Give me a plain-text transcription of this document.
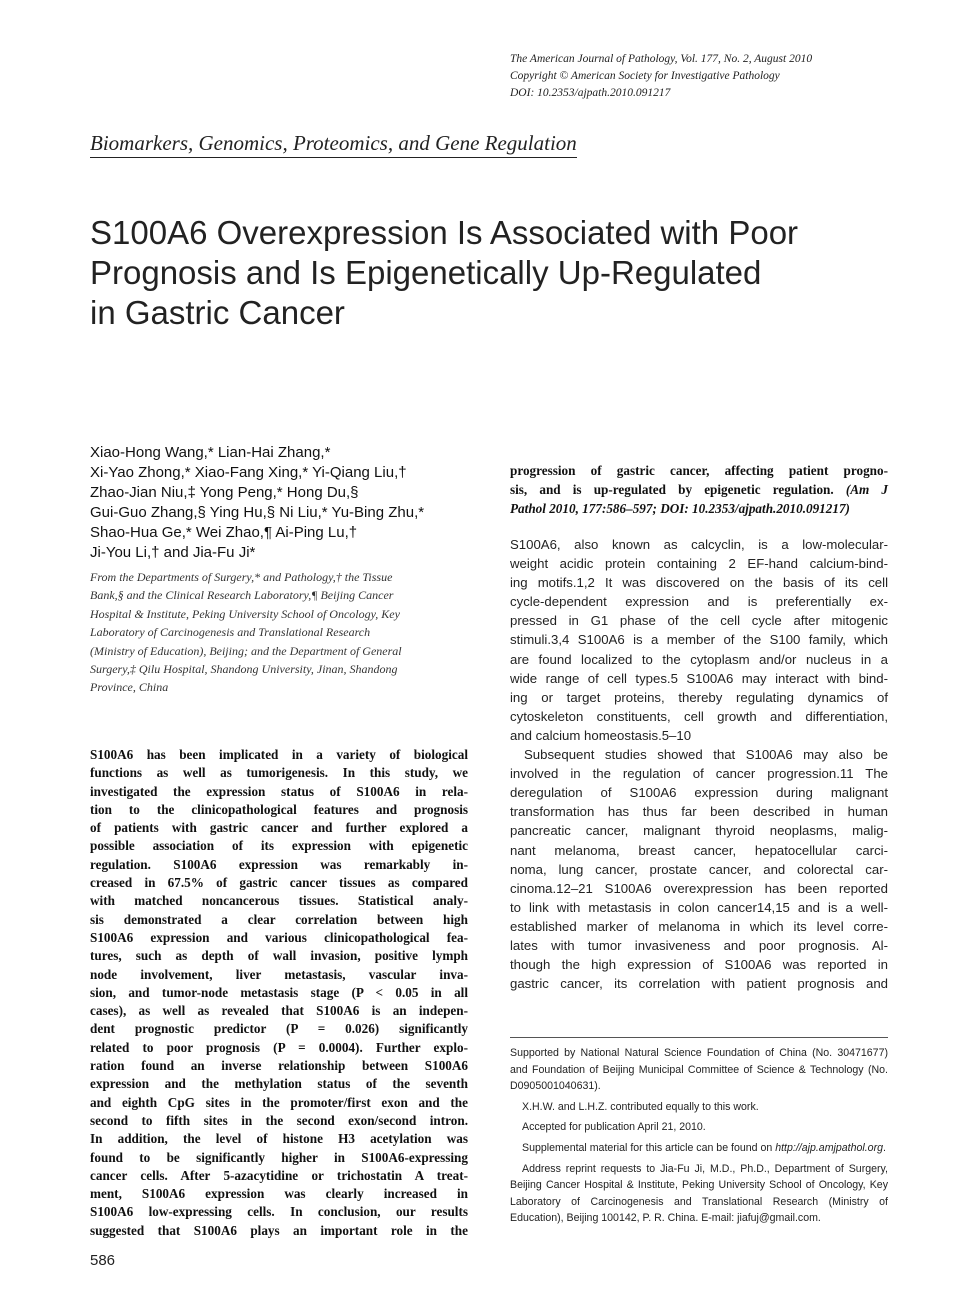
The American Journal of Pathology, Vol. 177, No. 2, August 2010
Copyright © American Society for Investigative Pathology
DOI: 10.2353/ajpath.2010.091217
Biomarkers, Genomics, Proteomics, and Gene Regulation
S100A6 Overexpression Is Associated with Poor
Prognosis and Is Epigenetically Up-Regulated
in Gastric Cancer
Xiao-Hong Wang,* Lian-Hai Zhang,*
Xi-Yao Zhong,* Xiao-Fang Xing,* Yi-Qiang Liu,†
Zhao-Jian Niu,‡ Yong Peng,* Hong Du,§
Gui-Guo Zhang,§ Ying Hu,§ Ni Liu,* Yu-Bing Zhu,*
Shao-Hua Ge,* Wei Zhao,¶ Ai-Ping Lu,†
Ji-You Li,† and Jia-Fu Ji*
From the Departments of Surgery,* and Pathology,† the Tissue
Bank,§ and the Clinical Research Laboratory,¶ Beijing Cancer
Hospital & Institute, Peking University School of Oncology, Key
Laboratory of Carcinogenesis and Translational Research
(Ministry of Education), Beijing; and the Department of General
Surgery,‡ Qilu Hospital, Shandong University, Jinan, Shandong
Province, China
S100A6 has been implicated in a variety of biological
functions as well as tumorigenesis. In this study, we
investigated the expression status of S100A6 in rela-
tion to the clinicopathological features and prognosis
of patients with gastric cancer and further explored a
possible association of its expression with epigenetic
regulation. S100A6 expression was remarkably in-
creased in 67.5% of gastric cancer tissues as compared
with matched noncancerous tissues. Statistical analy-
sis demonstrated a clear correlation between high
S100A6 expression and various clinicopathological fea-
tures, such as depth of wall invasion, positive lymph
node involvement, liver metastasis, vascular inva-
sion, and tumor-node metastasis stage (P < 0.05 in all
cases), as well as revealed that S100A6 is an indepen-
dent prognostic predictor (P = 0.026) significantly
related to poor prognosis (P = 0.0004). Further explo-
ration found an inverse relationship between S100A6
expression and the methylation status of the seventh
and eighth CpG sites in the promoter/first exon and the
second to fifth sites in the second exon/second intron.
In addition, the level of histone H3 acetylation was
found to be significantly higher in S100A6-expressing
cancer cells. After 5-azacytidine or trichostatin A treat-
ment, S100A6 expression was clearly increased in
S100A6 low-expressing cells. In conclusion, our results
suggested that S100A6 plays an important role in the
progression of gastric cancer, affecting patient progno-
sis, and is up-regulated by epigenetic regulation. (Am J
Pathol 2010, 177:586–597; DOI: 10.2353/ajpath.2010.091217)
S100A6, also known as calcyclin, is a low-molecular-
weight acidic protein containing 2 EF-hand calcium-bind-
ing motifs.1,2 It was discovered on the basis of its cell
cycle-dependent expression and is preferentially ex-
pressed in G1 phase of the cell cycle after mitogenic
stimuli.3,4 S100A6 is a member of the S100 family, which
are found localized to the cytoplasm and/or nucleus in a
wide range of cell types.5 S100A6 may interact with bind-
ing or target proteins, thereby regulating dynamics of
cytoskeleton constituents, cell growth and differentiation,
and calcium homeostasis.5–10
Subsequent studies showed that S100A6 may also be
involved in the regulation of cancer progression.11 The
deregulation of S100A6 expression during malignant
transformation has thus far been described in human
pancreatic cancer, malignant thyroid neoplasms, malig-
nant melanoma, breast cancer, hepatocellular carci-
noma, lung cancer, prostate cancer, and colorectal car-
cinoma.12–21 S100A6 overexpression has been reported
to link with metastasis in colon cancer14,15 and is a well-
established marker of melanoma in which its level corre-
lates with tumor invasiveness and poor prognosis. Al-
though the high expression of S100A6 was reported in
gastric cancer, its correlation with patient prognosis and

Supported by National Natural Science Foundation of China (No. 30471677) and Foundation of Beijing Municipal Committee of Science & Technology (No. D0905001040631).

X.H.W. and L.H.Z. contributed equally to this work.

Accepted for publication April 21, 2010.

Supplemental material for this article can be found on http://ajp.amjpathol.org.

Address reprint requests to Jia-Fu Ji, M.D., Ph.D., Department of Surgery, Beijing Cancer Hospital & Institute, Peking University School of Oncology, Key Laboratory of Carcinogenesis and Translational Research (Ministry of Education), Beijing 100142, P. R. China. E-mail: jiafuj@gmail.com.

586
